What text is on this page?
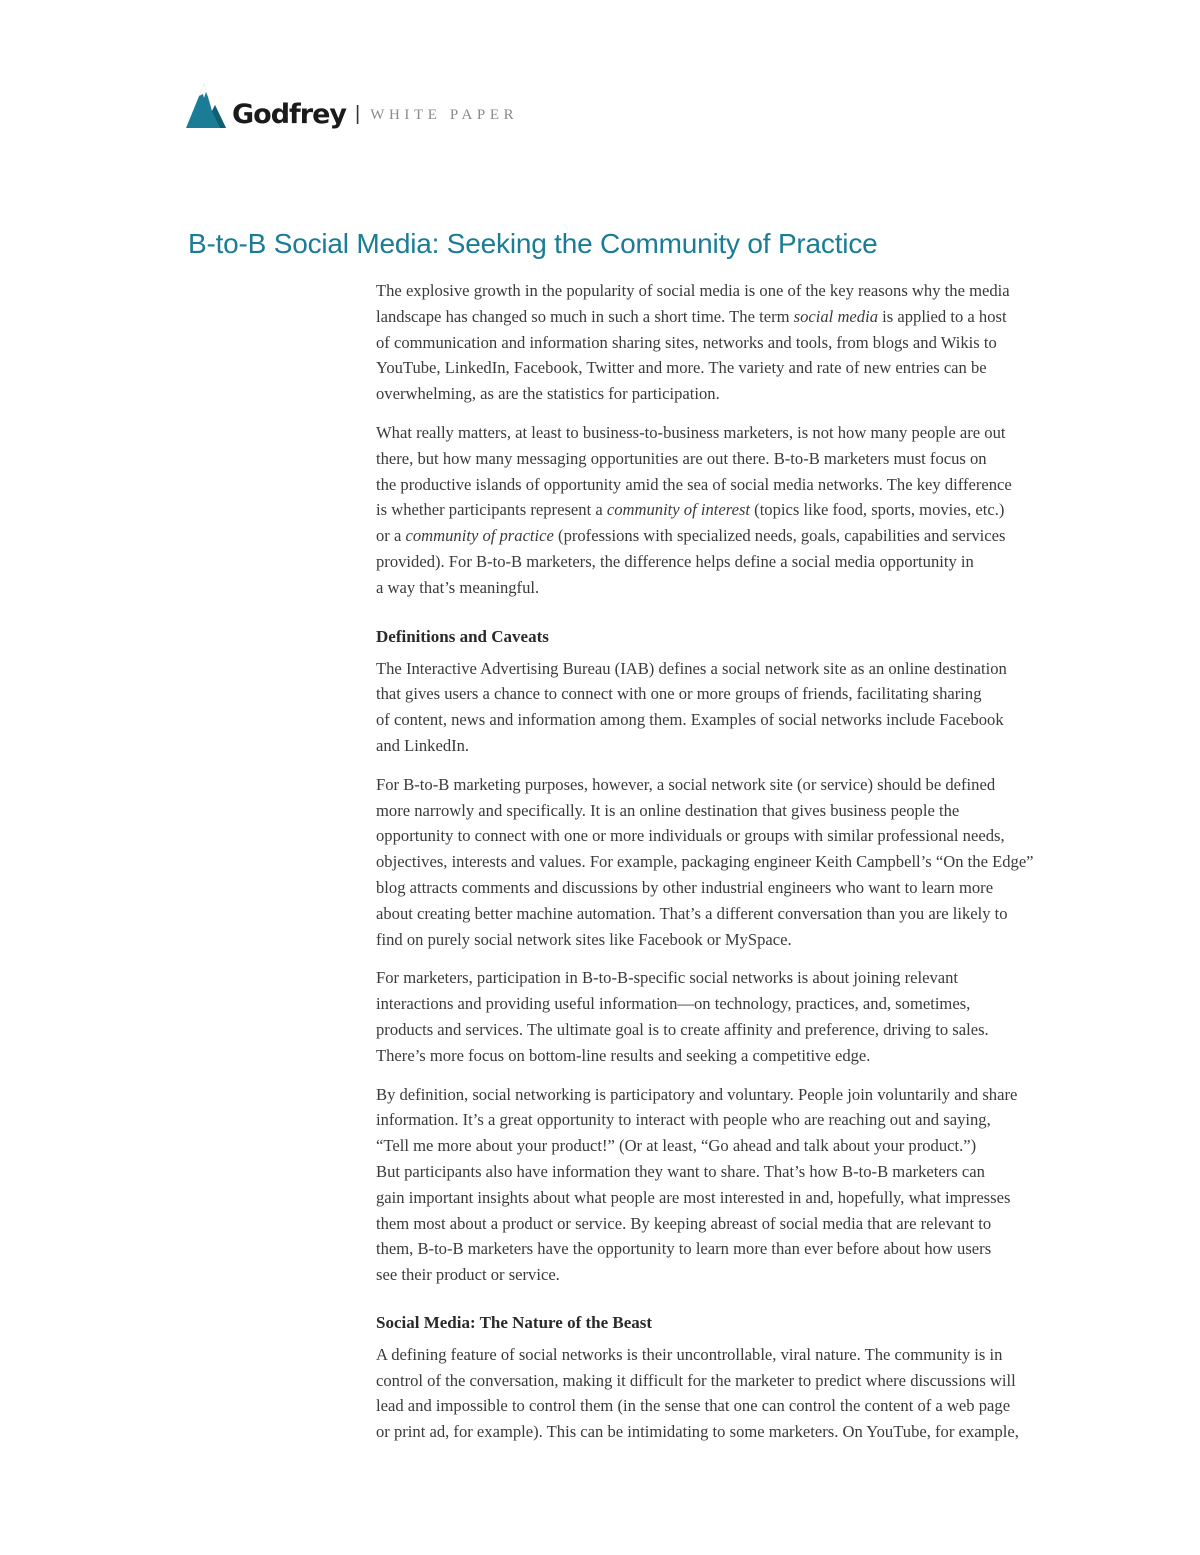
Godfrey | WHITE PAPER
B-to-B Social Media: Seeking the Community of Practice

The explosive growth in the popularity of social media is one of the key reasons why the media
landscape has changed so much in such a short time. The term social media is applied to a host
of communication and information sharing sites, networks and tools, from blogs and Wikis to
YouTube, LinkedIn, Facebook, Twitter and more. The variety and rate of new entries can be
overwhelming, as are the statistics for participation.

What really matters, at least to business-to-business marketers, is not how many people are out
there, but how many messaging opportunities are out there. B-to-B marketers must focus on
the productive islands of opportunity amid the sea of social media networks. The key difference
is whether participants represent a community of interest (topics like food, sports, movies, etc.)
or a community of practice (professions with specialized needs, goals, capabilities and services
provided). For B-to-B marketers, the difference helps define a social media opportunity in
a way that’s meaningful.

Definitions and Caveats

The Interactive Advertising Bureau (IAB) defines a social network site as an online destination
that gives users a chance to connect with one or more groups of friends, facilitating sharing
of content, news and information among them. Examples of social networks include Facebook
and LinkedIn.

For B-to-B marketing purposes, however, a social network site (or service) should be defined
more narrowly and specifically. It is an online destination that gives business people the
opportunity to connect with one or more individuals or groups with similar professional needs,
objectives, interests and values. For example, packaging engineer Keith Campbell’s “On the Edge”
blog attracts comments and discussions by other industrial engineers who want to learn more
about creating better machine automation. That’s a different conversation than you are likely to
find on purely social network sites like Facebook or MySpace.

For marketers, participation in B-to-B-specific social networks is about joining relevant
interactions and providing useful information—on technology, practices, and, sometimes,
products and services. The ultimate goal is to create affinity and preference, driving to sales.
There’s more focus on bottom-line results and seeking a competitive edge.

By definition, social networking is participatory and voluntary. People join voluntarily and share
information. It’s a great opportunity to interact with people who are reaching out and saying,
“Tell me more about your product!” (Or at least, “Go ahead and talk about your product.”)
But participants also have information they want to share. That’s how B-to-B marketers can
gain important insights about what people are most interested in and, hopefully, what impresses
them most about a product or service. By keeping abreast of social media that are relevant to
them, B-to-B marketers have the opportunity to learn more than ever before about how users
see their product or service.

Social Media: The Nature of the Beast

A defining feature of social networks is their uncontrollable, viral nature. The community is in
control of the conversation, making it difficult for the marketer to predict where discussions will
lead and impossible to control them (in the sense that one can control the content of a web page
or print ad, for example). This can be intimidating to some marketers. On YouTube, for example,
